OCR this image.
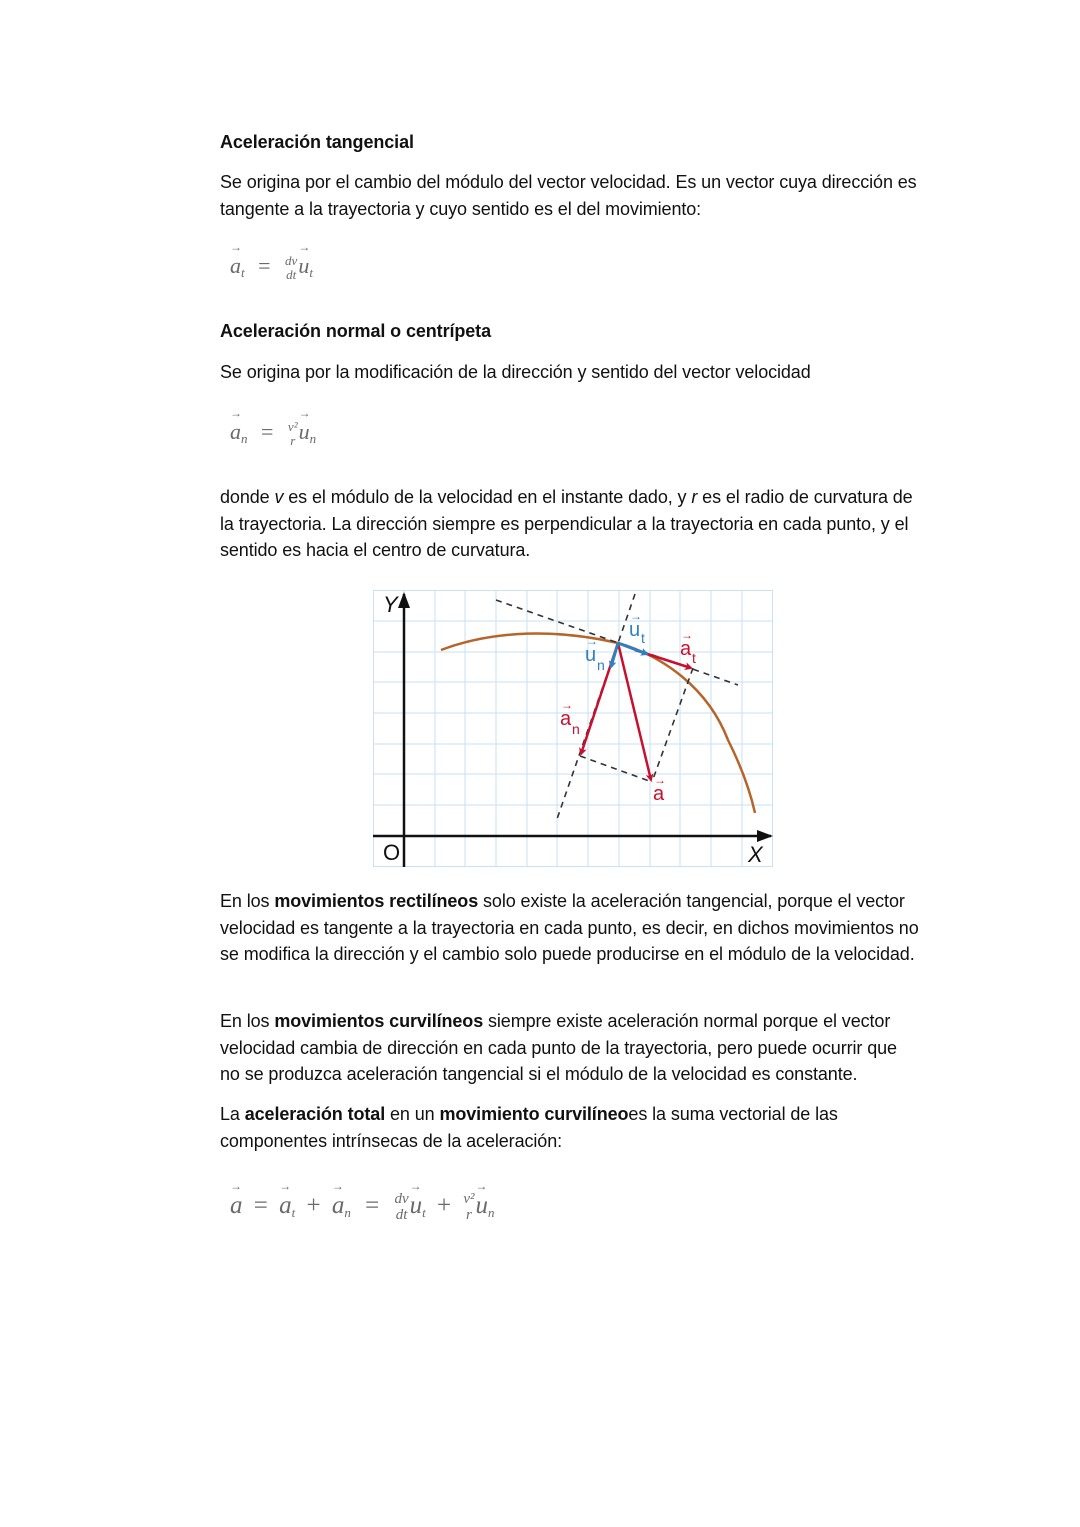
Aceleración tangencial
Se origina por el cambio del módulo del vector velocidad. Es un vector cuya dirección es tangente a la trayectoria y cuyo sentido es el del movimiento:
→ $a_t$ = dv
dt → $u_t$
Aceleración normal o centrípeta
Se origina por la modificación de la dirección y sentido del vector velocidad
→ $a_n = v^2$
$r \to u_n$
donde v es el módulo de la velocidad en el instante dado, y r es el radio de curvatura de la trayectoria. La dirección siempre es perpendicular a la trayectoria en cada punto, y el sentido es hacia el centro de curvatura.
Y
X
O
u t
→
u n
→	a t
→
a n
→
a
→
En los movimientos rectilíneos solo existe la aceleración tangencial, porque el vector velocidad es tangente a la trayectoria en cada punto, es decir, en dichos movimientos no se modifica la dirección y el cambio solo puede producirse en el módulo de la velocidad.
En los movimientos curvilíneos siempre existe aceleración normal porque el vector velocidad cambia de dirección en cada punto de la trayectoria, pero puede ocurrir que no se produzca aceleración tangencial si el módulo de la velocidad es constante.
La aceleración total en un movimiento curvilíneoes la suma vectorial de las componentes intrínsecas de la aceleración:
→ a = → $a_t$ + → $a_n$ = dv
dt → $u_t + v^2$
$r \to u_n$
